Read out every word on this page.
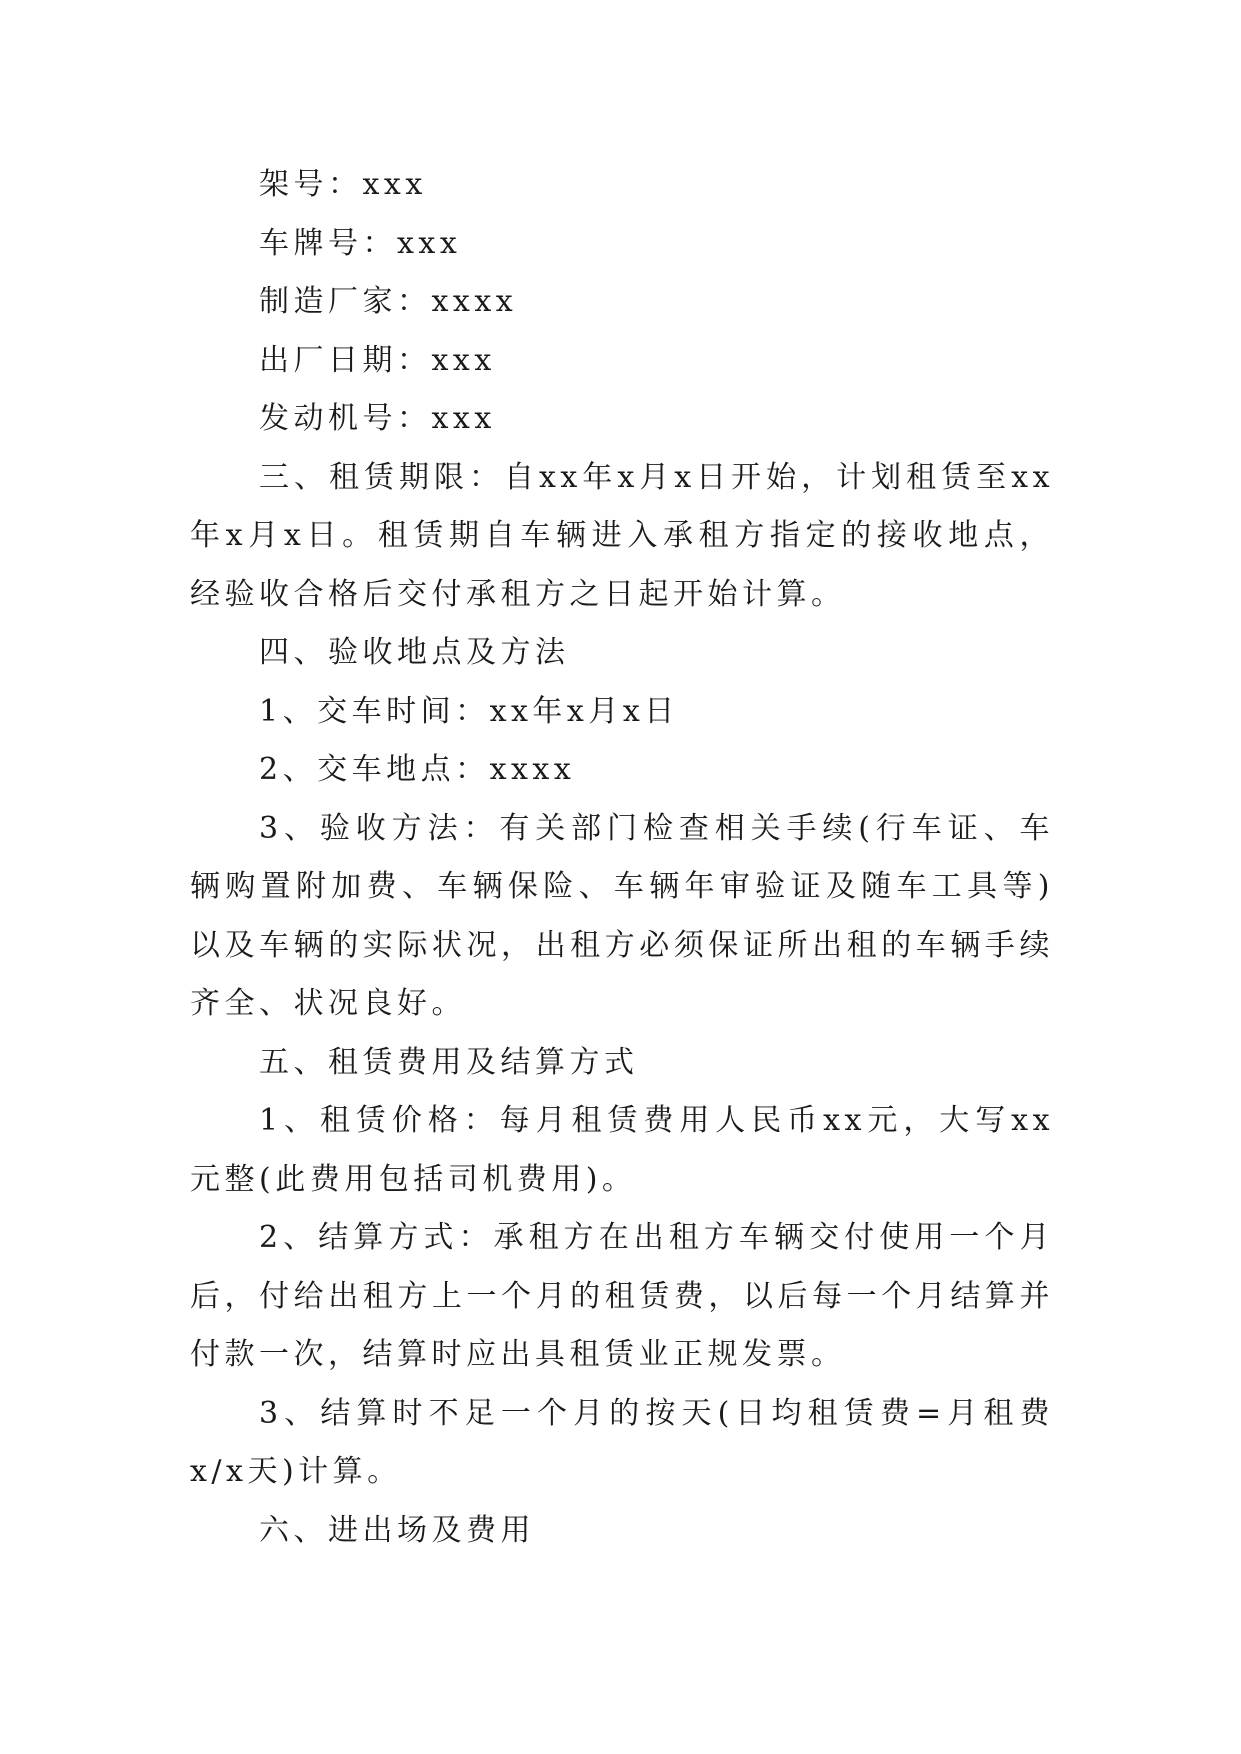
架号：xxx

车牌号：xxx

制造厂家：xxxx

出厂日期：xxx

发动机号：xxx

三、租赁期限：自xx年x月x日开始，计划租赁至xx年x月x日。租赁期自车辆进入承租方指定的接收地点，经验收合格后交付承租方之日起开始计算。

四、验收地点及方法

1、交车时间：xx年x月x日

2、交车地点：xxxx

3、验收方法：有关部门检查相关手续(行车证、车辆购置附加费、车辆保险、车辆年审验证及随车工具等)以及车辆的实际状况，出租方必须保证所出租的车辆手续齐全、状况良好。

五、租赁费用及结算方式

1、租赁价格：每月租赁费用人民币xx元，大写xx元整(此费用包括司机费用)。

2、结算方式：承租方在出租方车辆交付使用一个月后，付给出租方上一个月的租赁费，以后每一个月结算并付款一次，结算时应出具租赁业正规发票。

3、结算时不足一个月的按天(日均租赁费=月租费x/x天)计算。

六、进出场及费用
